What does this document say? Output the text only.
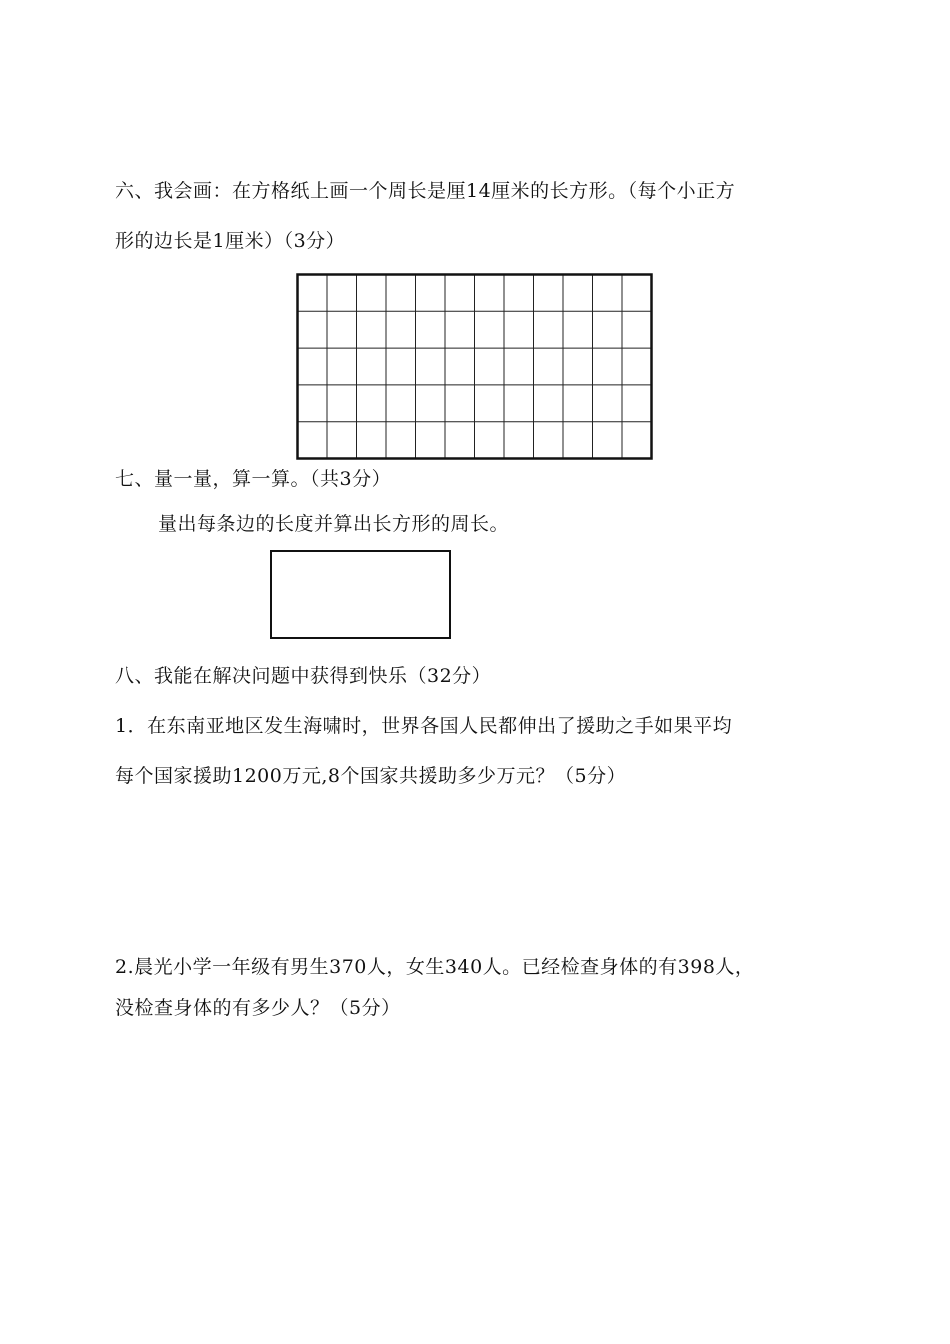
六、我会画：在方格纸上画一个周长是厘14厘米的长方形。（每个小正方
形的边长是1厘米）（3分）
七、量一量，算一算。（共3分）
量出每条边的长度并算出长方形的周长。
八、我能在解决问题中获得到快乐（32分）
1．在东南亚地区发生海啸时，世界各国人民都伸出了援助之手如果平均
每个国家援助1200万元,8个国家共援助多少万元？（5分）
2.晨光小学一年级有男生370人，女生340人。已经检查身体的有398人，
没检查身体的有多少人？（5分）
